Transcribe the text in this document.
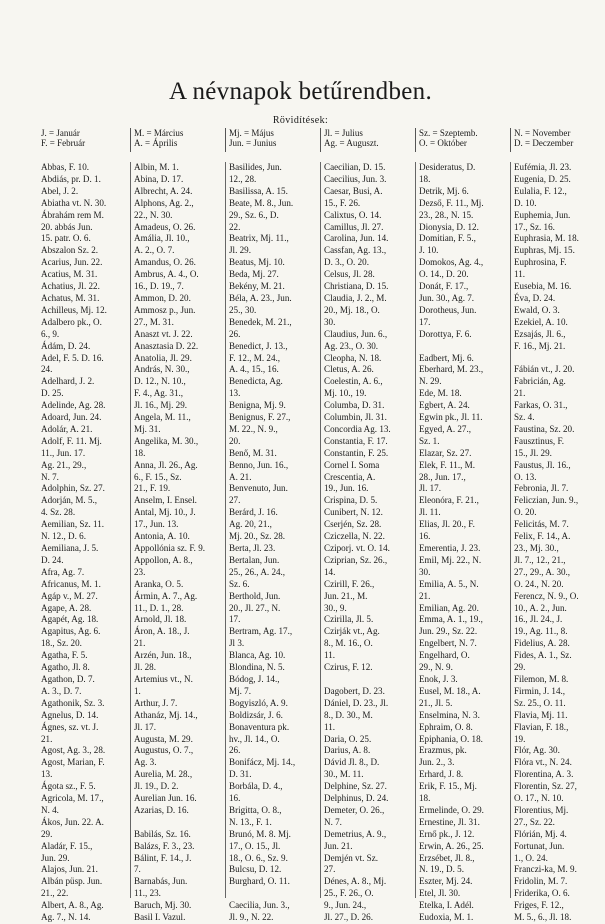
A névnapok betűrendben.
Rövidítések:
J. = Január
F. = Február
M. = Március
A. = Április
Mj. = Május
Jun. = Junius
Jl. = Julius
Ag. = Auguszt.
Sz. = Szeptemb.
O. = Október
N. = November
D. = Deczember
Abbas, F. 10.
Abdiás, pr. D. 1.
Abel, J. 2.
Abiatha vt. N. 30.
Ábrahám rem M.
20. abbás Jun.
15. patr. O. 6.
Abszalon Sz. 2.
Acarius, Jun. 22.
Acatius, M. 31.
Achatius, Jl. 22.
Achatus, M. 31.
Achilleus, Mj. 12.
Adalbero pk., O.
6., 9.
Ádám, D. 24.
Adel, F. 5. D. 16.
24.
Adelhard, J. 2.
D. 25.
Adelinde, Ag. 28.
Adoard, Jun. 24.
Adolár, A. 21.
Adolf, F. 11. Mj.
11., Jun. 17.
Ag. 21., 29.,
N. 7.
Adolphin, Sz. 27.
Adorján, M. 5.,
4. Sz. 28.
Aemilian, Sz. 11.
N. 12., D. 6.
Aemiliana, J. 5.
D. 24.
Afra, Ag. 7.
Africanus, M. 1.
Agáp v., M. 27.
Agape, A. 28.
Agapét, Ag. 18.
Agapitus, Ag. 6.
18., Sz. 20.
Agatha, F. 5.
Agatho, Jl. 8.
Agathon, D. 7.
A. 3., D. 7.
Agathonik, Sz. 3.
Agnelus, D. 14.
Ágnes, sz. vt. J.
21.
Agost, Ag. 3., 28.
Agost, Marian, F.
13.
Ágota sz., F. 5.
Agricola, M. 17.,
N. 4.
Ákos, Jun. 22. A.
29.
Aladár, F. 15.,
Jun. 29.
Alajos, Jun. 21.
Albán püsp. Jun.
21., 22.
Albert, A. 8., Ag.
Ag. 7., N. 14.
Albin, M. 1.
Abina, D. 17.
Albrecht, A. 24.
Alphons, Ag. 2.,
22., N. 30.
Amadeus, O. 26.
Amália, Jl. 10.,
A. 2., O. 7.
Amandus, O. 26.
Ambrus, A. 4., O.
16., D. 19., 7.
Ammon, D. 20.
Ammosz p., Jun.
27., M. 31.
Anaszt vt. J. 22.
Anasztasia D. 22.
Anatolia, Jl. 29.
András, N. 30.,
D. 12., N. 10.,
F. 4., Ag. 31.,
Jl. 16., Mj. 29.
Angela, M. 11.,
Mj. 31.
Angelika, M. 30.,
18.
Anna, Jl. 26., Ag.
6., F. 15., Sz.
21., F. 19.
Anselm, I. Ensel.
Antal, Mj. 10., J.
17., Jun. 13.
Antonia, A. 10.
Appollónia sz. F. 9.
Appollon, A. 8.,
23.
Aranka, O. 5.
Ármin, A. 7., Ag.
11., D. 1., 28.
Arnold, Jl. 18.
Áron, A. 18., J.
21.
Arzén, Jun. 18.,
Jl. 28.
Artemius vt., N.
1.
Arthur, J. 7.
Athanáz, Mj. 14.,
Jl. 17.
Augusta, M. 29.
Augustus, O. 7.,
Ag. 3.
Aurelia, M. 28.,
Jl. 19., D. 2.
Aurelian Jun. 16.
Azarias, D. 16.

Babilás, Sz. 16.
Balázs, F. 3., 23.
Bálint, F. 14., J.
7.
Barnabás, Jun.
11., 23.
Baruch, Mj. 30.
Basil I. Vazul.
Basilides, Jun.
12., 28.
Basilissa, A. 15.
Beate, M. 8., Jun.
29., Sz. 6., D.
22.
Beatrix, Mj. 11.,
Jl. 29.
Beatus, Mj. 10.
Beda, Mj. 27.
Bekény, M. 21.
Béla, A. 23., Jun.
25., 30.
Benedek, M. 21.,
26.
Benedict, J. 13.,
F. 12., M. 24.,
A. 4., 15., 16.
Benedicta, Ag.
13.
Benigna, Mj. 9.
Benignus, F. 27.,
M. 22., N. 9.,
20.
Benő, M. 31.
Benno, Jun. 16.,
A. 21.
Benvenuto, Jun.
27.
Berárd, J. 16.
Ag. 20, 21.,
Mj. 20., Sz. 28.
Berta, Jl. 23.
Bertalan, Jun.
25., 26., A. 24.,
Sz. 6.
Berthold, Jun.
20., Jl. 27., N.
17.
Bertram, Ag. 17.,
Jl 3.
Blanca, Ag. 10.
Blondina, N. 5.
Bódog, J. 14.,
Mj. 7.
Bogyiszló, A. 9.
Boldizsár, J. 6.
Bonaventura pk.
hv., Jl. 14., O.
26.
Bonifácz, Mj. 14.,
D. 31.
Borbála, D. 4.,
16.
Brigitta, O. 8.,
N. 13., F. 1.
Brunó, M. 8. Mj.
17., O. 15., Jl.
18., O. 6., Sz. 9.
Bulcsu, D. 12.
Burghard, O. 11.

Caecilia, Jun. 3.,
Jl. 9., N. 22.
Caecilian, D. 15.
Caecilius, Jun. 3.
Caesar, Busi, A.
15., F. 26.
Calixtus, O. 14.
Camillus, Jl. 27.
Carolina, Jun. 14.
Cassfan, Ag. 13.,
D. 3., O. 20.
Celsus, Jl. 28.
Christiana, D. 15.
Claudia, J. 2., M.
20., Mj. 18., O.
30.
Claudius, Jun. 6.,
Ag. 23., O. 30.
Cleopha, N. 18.
Cletus, A. 26.
Coelestin, A. 6.,
Mj. 10., 19.
Columba, D. 31.
Columbin, Jl. 31.
Concordia Ag. 13.
Constantia, F. 17.
Constantin, F. 25.
Cornel I. Soma
Crescentia, A.
19., Jun. 16.
Crispina, D. 5.
Cunibert, N. 12.
Cserjén, Sz. 28.
Cziczella, N. 22.
Cziporj. vt. O. 14.
Cziprian, Sz. 26.,
14.
Czirill, F. 26.,
Jun. 21., M.
30., 9.
Czirilla, Jl. 5.
Czirják vt., Ag.
8., M. 16., O.
11.
Czirus, F. 12.

Dagobert, D. 23.
Dániel, D. 23., Jl.
8., D. 30., M.
11.
Daria, O. 25.
Darius, A. 8.
Dávid Jl. 8., D.
30., M. 11.
Delphine, Sz. 27.
Delphinus, D. 24.
Demeter, O. 26.,
N. 7.
Demetrius, A. 9.,
Jun. 21.
Demjén vt. Sz.
27.
Dénes, A. 8., Mj.
25., F. 26., O.
9., Jun. 24.,
Jl. 27., D. 26.
Desideratus, D.
18.
Detrik, Mj. 6.
Dezső, F. 11., Mj.
23., 28., N. 15.
Dionysia, D. 12.
Domitian, F. 5.,
J. 10.
Domokos, Ag. 4.,
O. 14., D. 20.
Donát, F. 17.,
Jun. 30., Ag. 7.
Dorotheus, Jun.
17.
Dorottya, F. 6.

Eadbert, Mj. 6.
Eberhard, M. 23.,
N. 29.
Ede, M. 18.
Egbert, A. 24.
Egwin pk., Jl. 11.
Egyed, A. 27.,
Sz. 1.
Elazar, Sz. 27.
Elek, F. 11., M.
28., Jun. 17.,
Jl. 17.
Eleonóra, F. 21.,
Jl. 11.
Elias, Jl. 20., F.
16.
Emerentia, J. 23.
Emil, Mj. 22., N.
30.
Emilia, A. 5., N.
21.
Emilian, Ag. 20.
Emma, A. 1., 19.,
Jun. 29., Sz. 22.
Engelbert, N. 7.
Engelhard, O.
29., N. 9.
Enok, J. 3.
Eusel, M. 18., A.
21., Jl. 5.
Enselmina, N. 3.
Ephraim, O. 8.
Epiphania, O. 18.
Erazmus, pk.
Jun. 2., 3.
Erhard, J. 8.
Erik, F. 15., Mj.
18.
Ermelinde, O. 29.
Ernestine, Jl. 31.
Ernő pk., J. 12.
Erwin, A. 26., 25.
Erzsébet, Jl. 8.,
N. 19., D. 5.
Eszter, Mj. 24.
Etel, Jl. 30.
Etelka, I. Adél.
Eudoxia, M. 1.
Eufémia, Jl. 23.
Eugenia, D. 25.
Eulalia, F. 12.,
D. 10.
Euphemia, Jun.
17., Sz. 16.
Euphrasia, M. 18.
Euphras, Mj. 15.
Euphrosina, F.
11.
Eusebia, M. 16.
Éva, D. 24.
Ewald, O. 3.
Ezekiel, A. 10.
Ezsajás, Jl. 6.,
F. 16., Mj. 21.

Fábián vt., J. 20.
Fabricián, Ag.
21.
Farkas, O. 31.,
Sz. 4.
Faustina, Sz. 20.
Fausztinus, F.
15., Jl. 29.
Faustus, Jl. 16.,
O. 13.
Febronia, Jl. 7.
Feliczian, Jun. 9.,
O. 20.
Felicitás, M. 7.
Felix, F. 14., A.
23., Mj. 30.,
Jl. 7., 12., 21.,
27., 29., A. 30.,
O. 24., N. 20.
Ferencz, N. 9., O.
10., A. 2., Jun.
16., Jl. 24., J.
19., Ag. 11., 8.
Fidelius, A. 28.
Fides, A. 1., Sz.
29.
Filemon, M. 8.
Firmin, J. 14.,
Sz. 25., O. 11.
Flavia, Mj. 11.
Flavian, F. 18.,
19.
Flór, Ag. 30.
Flóra vt., N. 24.
Florentina, A. 3.
Florentin, Sz. 27,
O. 17., N. 10.
Florentius, Mj.
27., Sz. 22.
Flórián, Mj. 4.
Fortunat, Jun.
1., O. 24.
Franczi-ka, M. 9.
Fridolin, M. 7.
Friderika, O. 6.
Friges, F. 12.,
M. 5., 6., Jl. 18.
